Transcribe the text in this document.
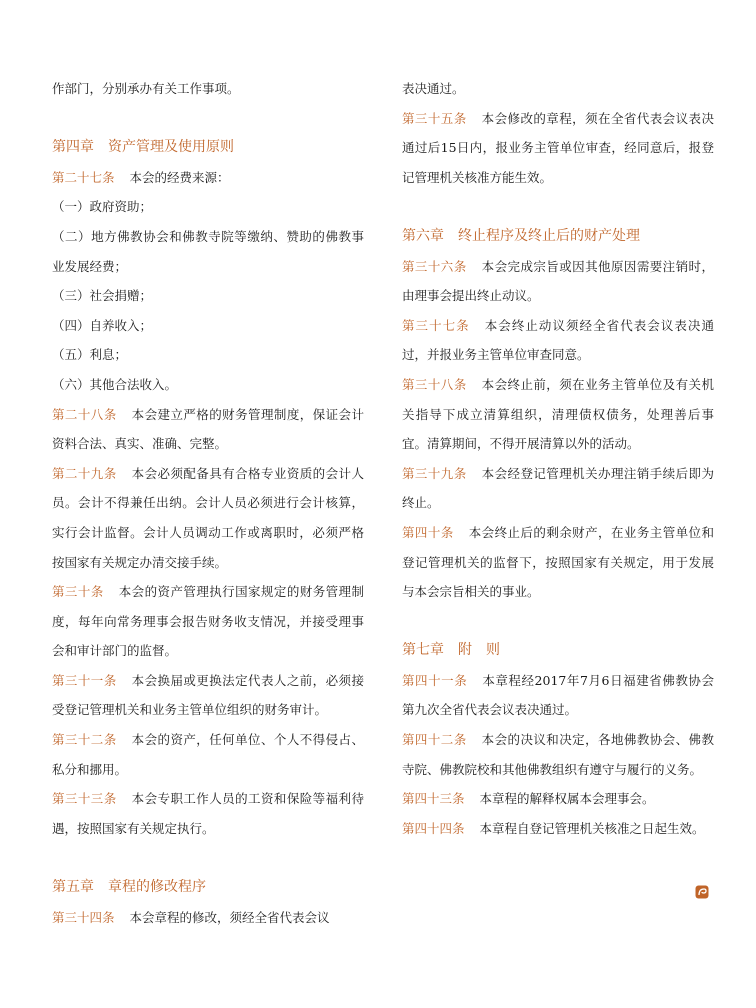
作部门，分别承办有关工作事项。

第四章　资产管理及使用原则

第二十七条 本会的经费来源：

（一）政府资助；

（二）地方佛教协会和佛教寺院等缴纳、赞助的佛教事业发展经费；

（三）社会捐赠；

（四）自养收入；

（五）利息；

（六）其他合法收入。

第二十八条 本会建立严格的财务管理制度，保证会计资料合法、真实、准确、完整。

第二十九条 本会必须配备具有合格专业资质的会计人员。会计不得兼任出纳。会计人员必须进行会计核算，实行会计监督。会计人员调动工作或离职时，必须严格按国家有关规定办清交接手续。

第三十条 本会的资产管理执行国家规定的财务管理制度，每年向常务理事会报告财务收支情况，并接受理事会和审计部门的监督。

第三十一条 本会换届或更换法定代表人之前，必须接受登记管理机关和业务主管单位组织的财务审计。

第三十二条 本会的资产，任何单位、个人不得侵占、私分和挪用。

第三十三条 本会专职工作人员的工资和保险等福利待遇，按照国家有关规定执行。

第五章　章程的修改程序

第三十四条 本会章程的修改，须经全省代表会议

表决通过。

第三十五条 本会修改的章程，须在全省代表会议表决通过后15日内，报业务主管单位审查，经同意后，报登记管理机关核准方能生效。

第六章　终止程序及终止后的财产处理

第三十六条 本会完成宗旨或因其他原因需要注销时，由理事会提出终止动议。

第三十七条 本会终止动议须经全省代表会议表决通过，并报业务主管单位审查同意。

第三十八条 本会终止前，须在业务主管单位及有关机关指导下成立清算组织，清理债权债务，处理善后事宜。清算期间，不得开展清算以外的活动。

第三十九条 本会经登记管理机关办理注销手续后即为终止。

第四十条 本会终止后的剩余财产，在业务主管单位和登记管理机关的监督下，按照国家有关规定，用于发展与本会宗旨相关的事业。

第七章　附　则

第四十一条 本章程经2017年7月6日福建省佛教协会第九次全省代表会议表决通过。

第四十二条 本会的决议和决定，各地佛教协会、佛教寺院、佛教院校和其他佛教组织有遵守与履行的义务。

第四十三条 本章程的解释权属本会理事会。

第四十四条 本章程自登记管理机关核准之日起生效。
